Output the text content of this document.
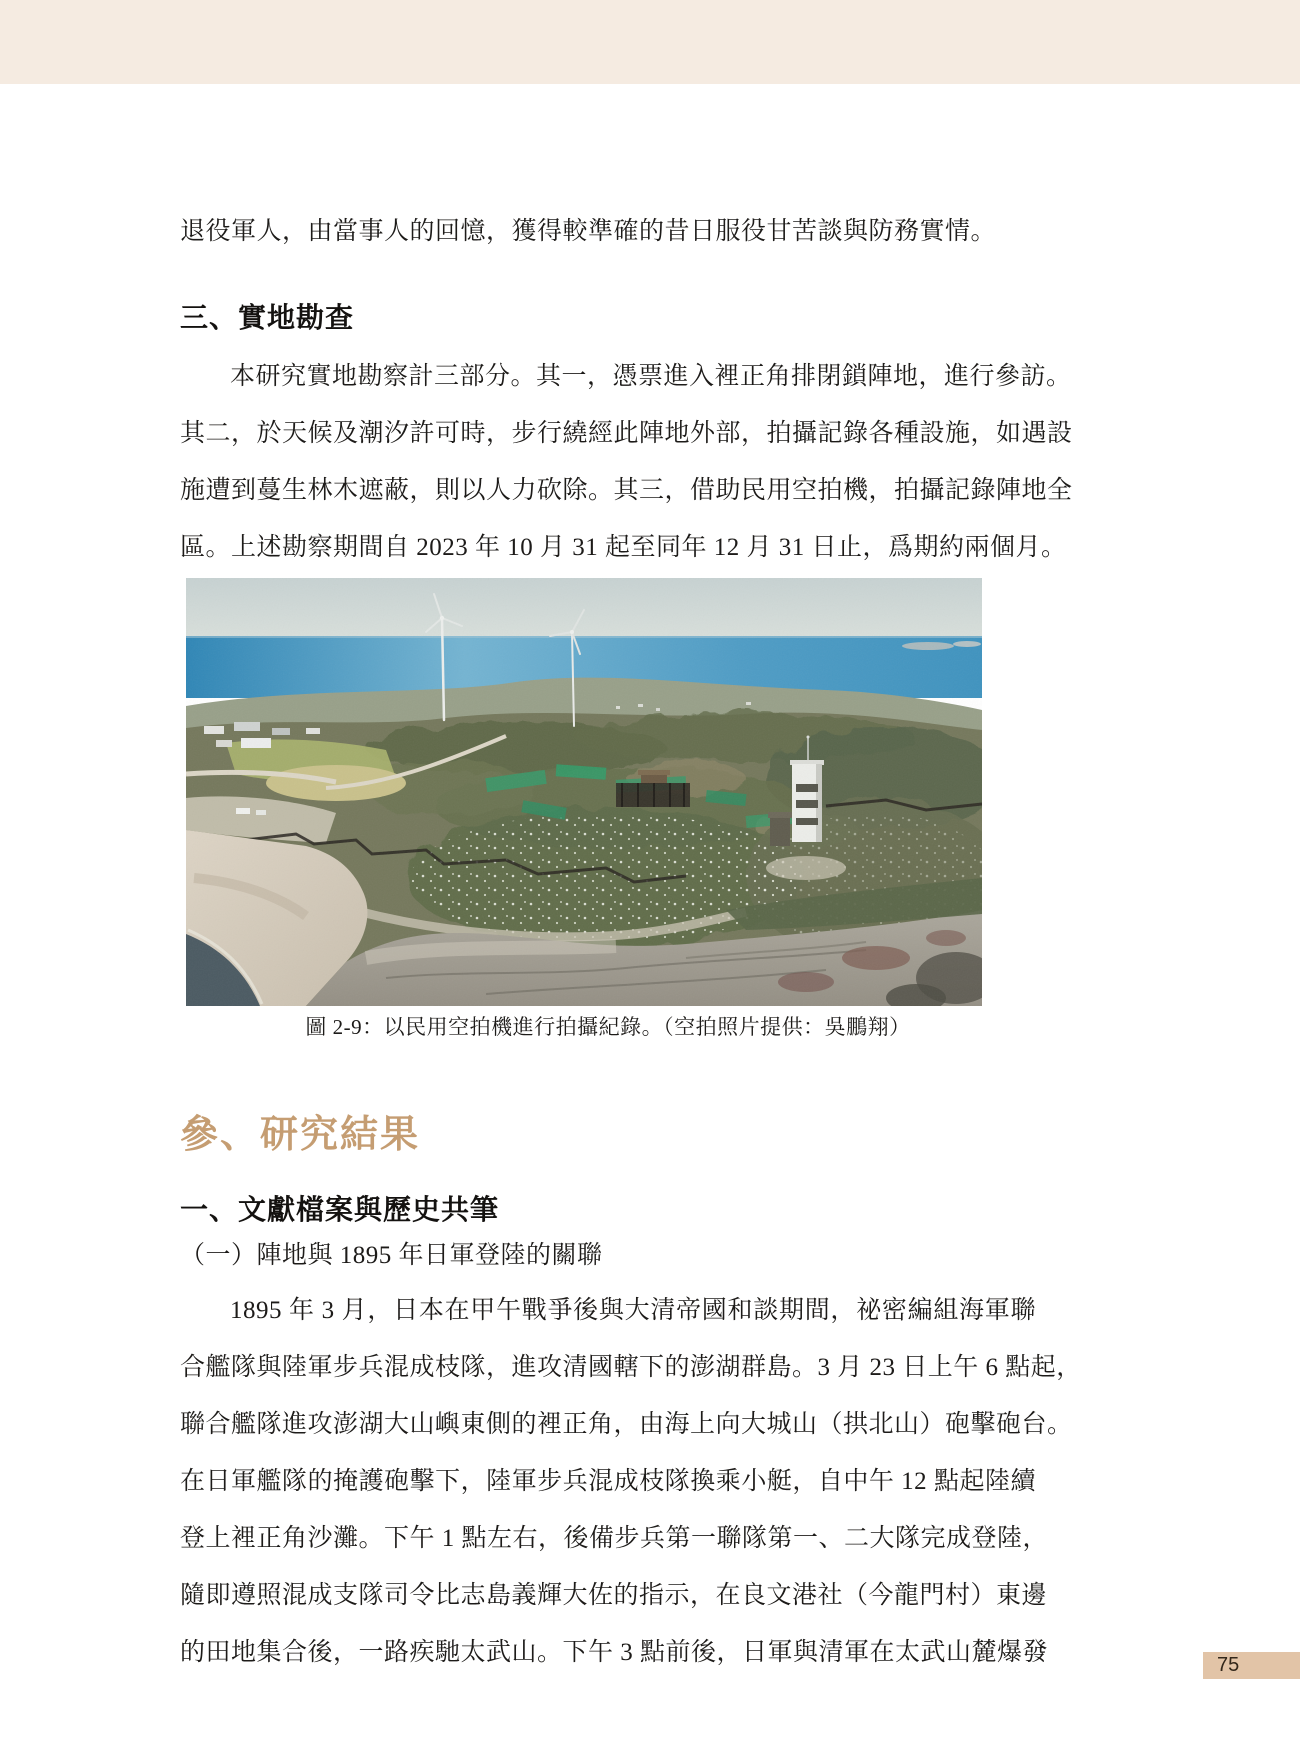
退役軍人，由當事人的回憶，獲得較準確的昔日服役甘苦談與防務實情。
三、實地勘查
本研究實地勘察計三部分。其一，憑票進入裡正角排閉鎖陣地，進行參訪。
其二，於天候及潮汐許可時，步行繞經此陣地外部，拍攝記錄各種設施，如遇設
施遭到蔓生林木遮蔽，則以人力砍除。其三，借助民用空拍機，拍攝記錄陣地全
區。上述勘察期間自 2023 年 10 月 31 起至同年 12 月 31 日止，爲期約兩個月。
圖 2-9：以民用空拍機進行拍攝紀錄。（空拍照片提供：吳鵬翔）
參、研究結果
一、文獻檔案與歷史共筆
（一）陣地與 1895 年日軍登陸的關聯
1895 年 3 月，日本在甲午戰爭後與大清帝國和談期間，祕密編組海軍聯
合艦隊與陸軍步兵混成枝隊，進攻清國轄下的澎湖群島。3 月 23 日上午 6 點起，
聯合艦隊進攻澎湖大山嶼東側的裡正角，由海上向大城山（拱北山）砲擊砲台。
在日軍艦隊的掩護砲擊下，陸軍步兵混成枝隊換乘小艇，自中午 12 點起陸續
登上裡正角沙灘。下午 1 點左右，後備步兵第一聯隊第一、二大隊完成登陸，
隨即遵照混成支隊司令比志島義輝大佐的指示，在良文港社（今龍門村）東邊
的田地集合後，一路疾馳太武山。下午 3 點前後，日軍與清軍在太武山麓爆發	75
